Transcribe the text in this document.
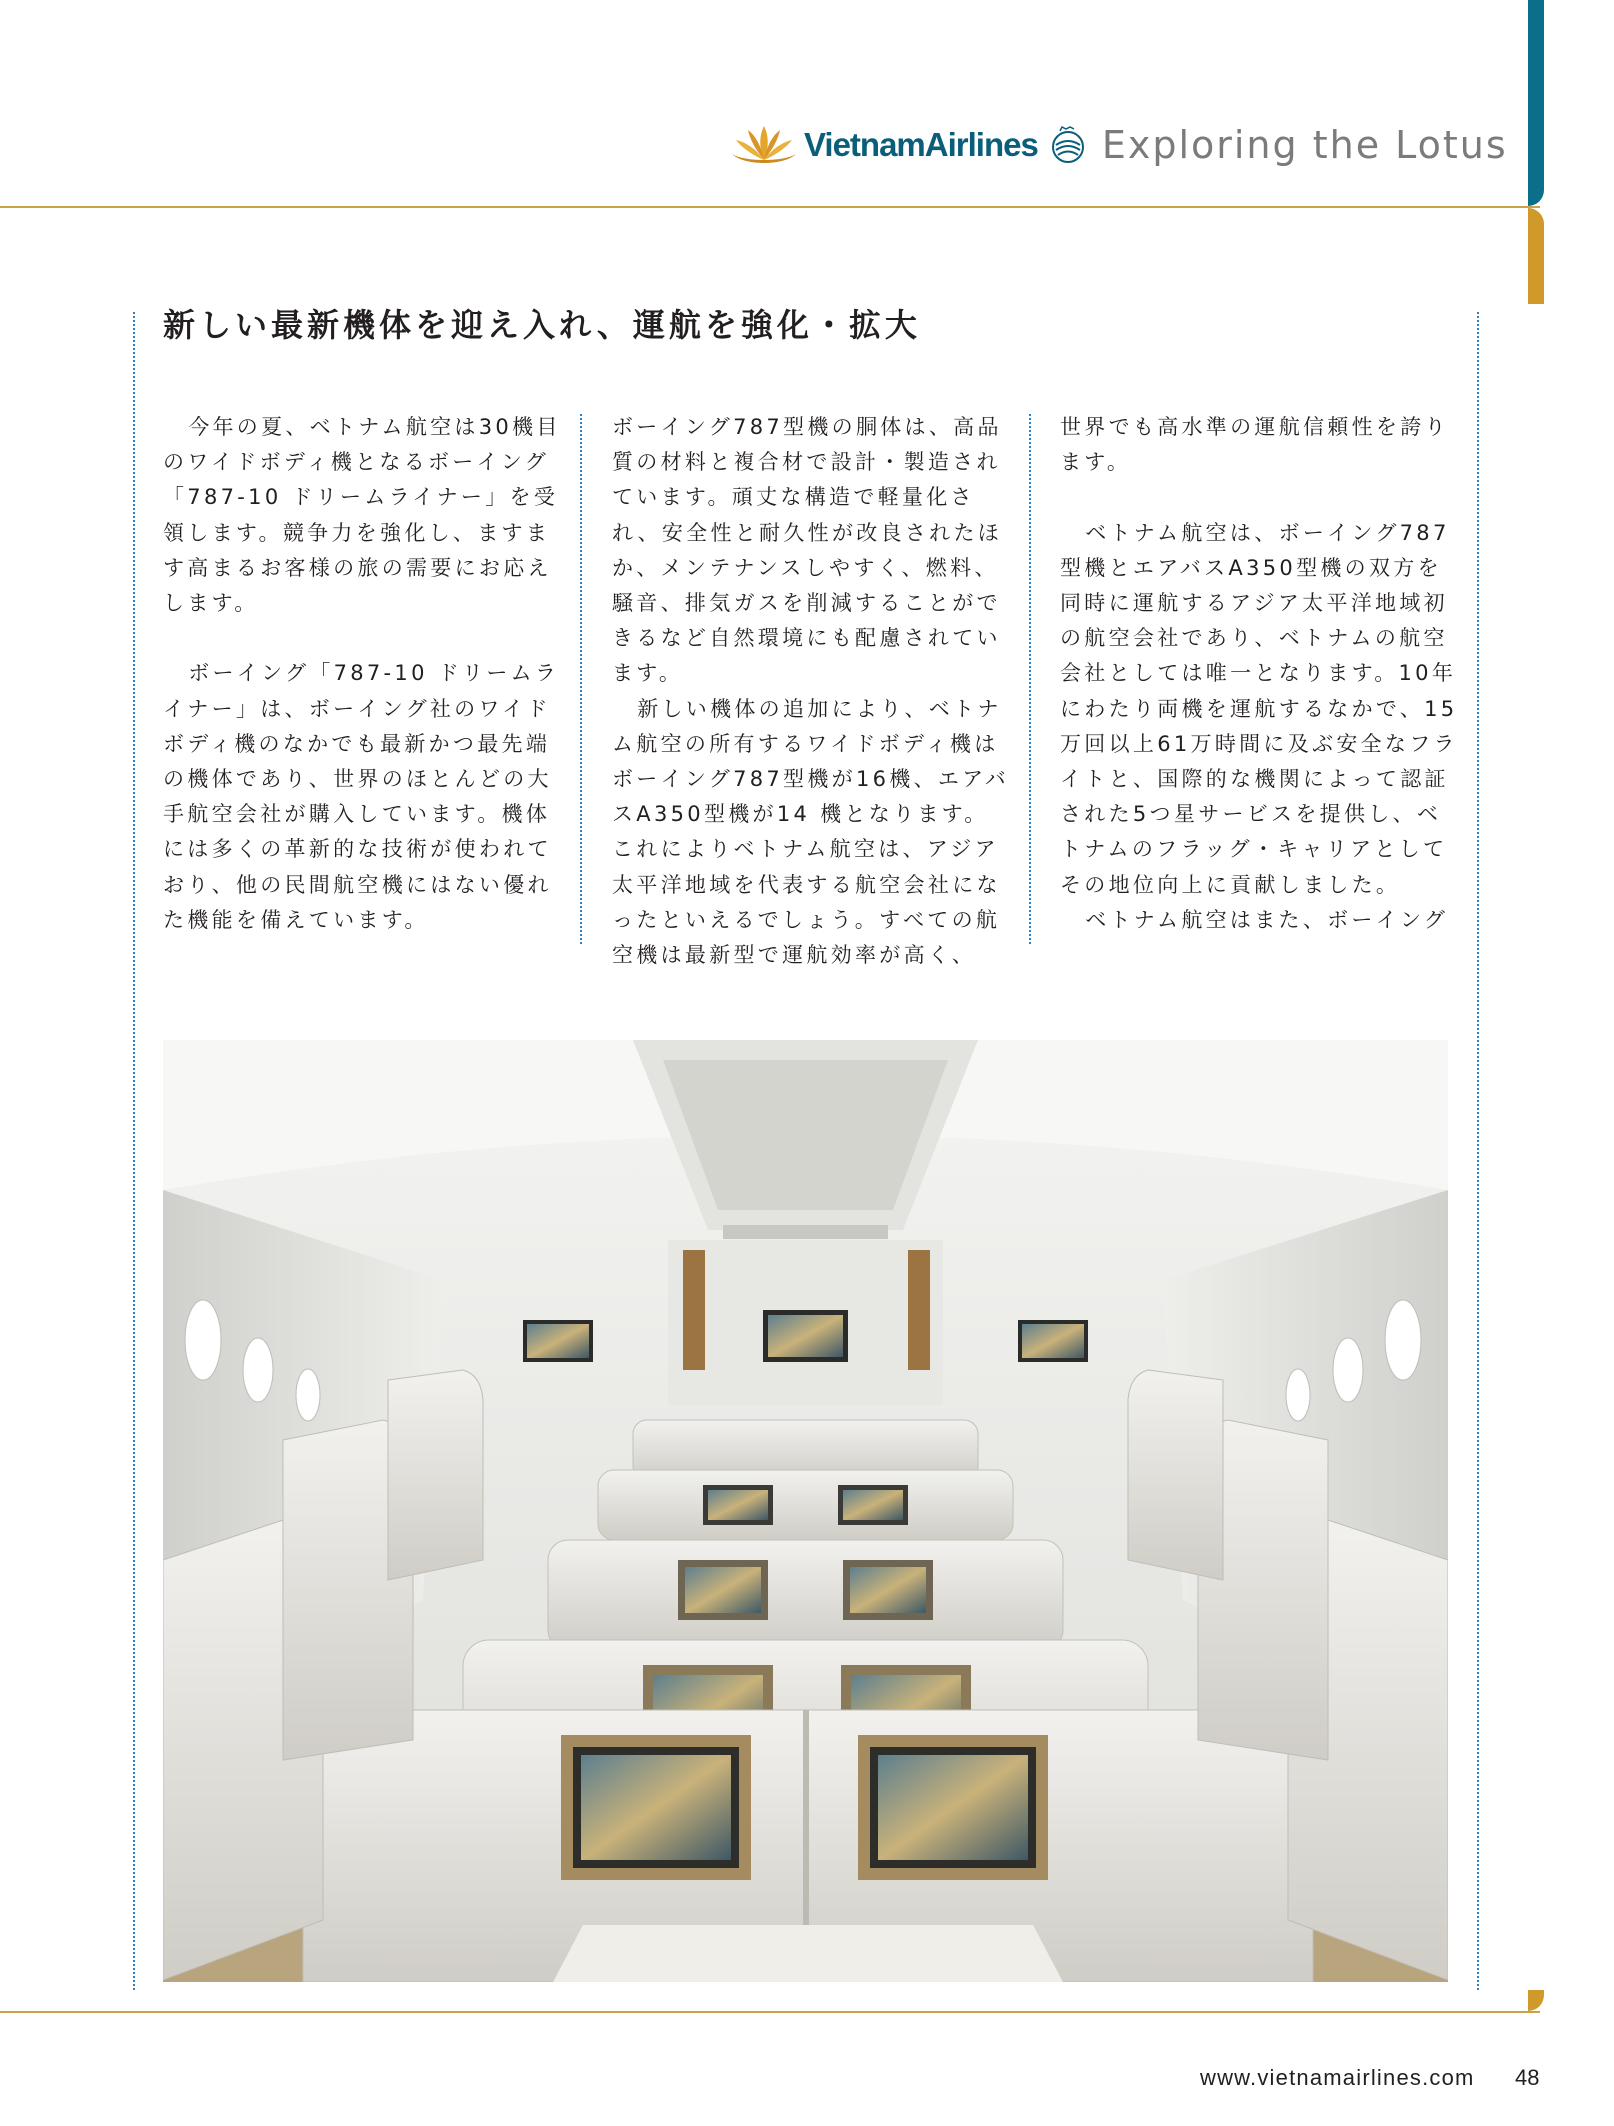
VietnamAirlines Exploring the Lotus
新しい最新機体を迎え入れ、運航を強化・拡大

今年の夏、ベトナム航空は30機目のワイドボディ機となるボーイング「787-10 ドリームライナー」を受領します。競争力を強化し、ますます高まるお客様の旅の需要にお応えします。

ボーイング「787-10 ドリームライナー」は、ボーイング社のワイドボディ機のなかでも最新かつ最先端の機体であり、世界のほとんどの大手航空会社が購入しています。機体には多くの革新的な技術が使われており、他の民間航空機にはない優れた機能を備えています。

ボーイング787型機の胴体は、高品質の材料と複合材で設計・製造されています。頑丈な構造で軽量化され、安全性と耐久性が改良されたほか、メンテナンスしやすく、燃料、騒音、排気ガスを削減することができるなど自然環境にも配慮されています。

新しい機体の追加により、ベトナム航空の所有するワイドボディ機はボーイング787型機が16機、エアバスA350型機が14 機となります。これによりベトナム航空は、アジア太平洋地域を代表する航空会社になったといえるでしょう。すべての航空機は最新型で運航効率が高く、

世界でも高水準の運航信頼性を誇ります。

ベトナム航空は、ボーイング787型機とエアバスA350型機の双方を同時に運航するアジア太平洋地域初の航空会社であり、ベトナムの航空会社としては唯一となります。10年にわたり両機を運航するなかで、15万回以上61万時間に及ぶ安全なフライトと、国際的な機関によって認証された5つ星サービスを提供し、ベトナムのフラッグ・キャリアとしてその地位向上に貢献しました。

ベトナム航空はまた、ボーイング

www.vietnamairlines.com 48
